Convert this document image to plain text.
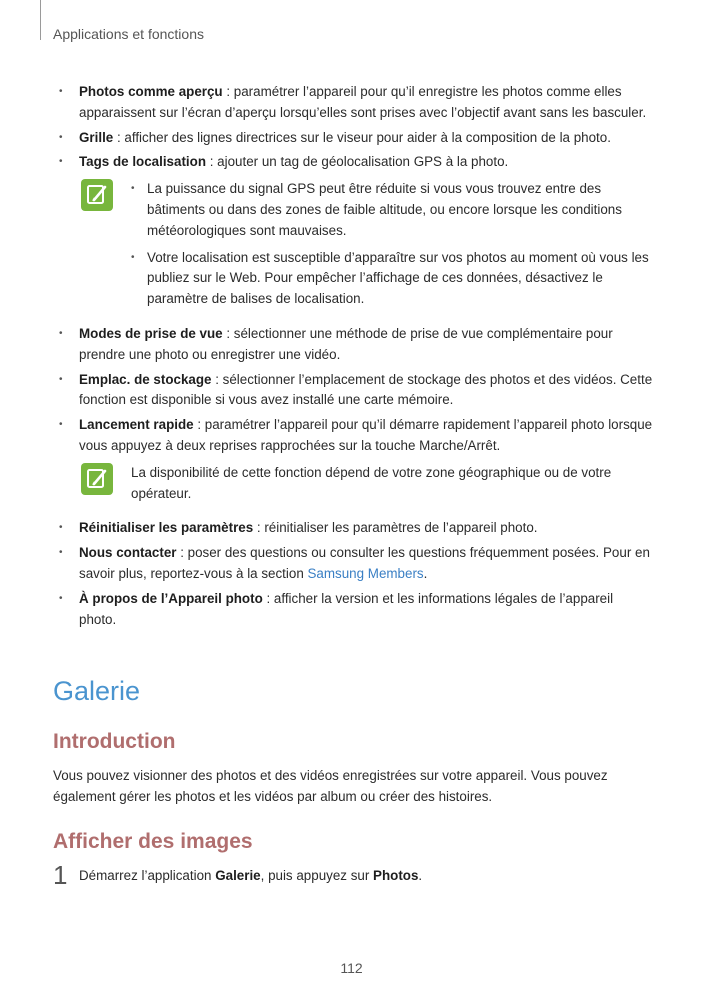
Applications et fonctions
• Photos comme aperçu : paramétrer l’appareil pour qu’il enregistre les photos comme elles apparaissent sur l’écran d’aperçu lorsqu’elles sont prises avec l’objectif avant sans les basculer.
• Grille : afficher des lignes directrices sur le viseur pour aider à la composition de la photo.
• Tags de localisation : ajouter un tag de géolocalisation GPS à la photo.
• La puissance du signal GPS peut être réduite si vous vous trouvez entre des bâtiments ou dans des zones de faible altitude, ou encore lorsque les conditions météorologiques sont mauvaises.
• Votre localisation est susceptible d’apparaître sur vos photos au moment où vous les publiez sur le Web. Pour empêcher l’affichage de ces données, désactivez le paramètre de balises de localisation.
• Modes de prise de vue : sélectionner une méthode de prise de vue complémentaire pour prendre une photo ou enregistrer une vidéo.
• Emplac. de stockage : sélectionner l’emplacement de stockage des photos et des vidéos. Cette fonction est disponible si vous avez installé une carte mémoire.
• Lancement rapide : paramétrer l’appareil pour qu’il démarre rapidement l’appareil photo lorsque vous appuyez à deux reprises rapprochées sur la touche Marche/Arrêt.

La disponibilité de cette fonction dépend de votre zone géographique ou de votre opérateur.

• Réinitialiser les paramètres : réinitialiser les paramètres de l’appareil photo.
• Nous contacter : poser des questions ou consulter les questions fréquemment posées. Pour en savoir plus, reportez-vous à la section Samsung Members.
• À propos de l’Appareil photo : afficher la version et les informations légales de l’appareil photo.
Galerie
Introduction

Vous pouvez visionner des photos et des vidéos enregistrées sur votre appareil. Vous pouvez également gérer les photos et les vidéos par album ou créer des histoires.

Afficher des images
1 Démarrez l’application Galerie, puis appuyez sur Photos.
112
